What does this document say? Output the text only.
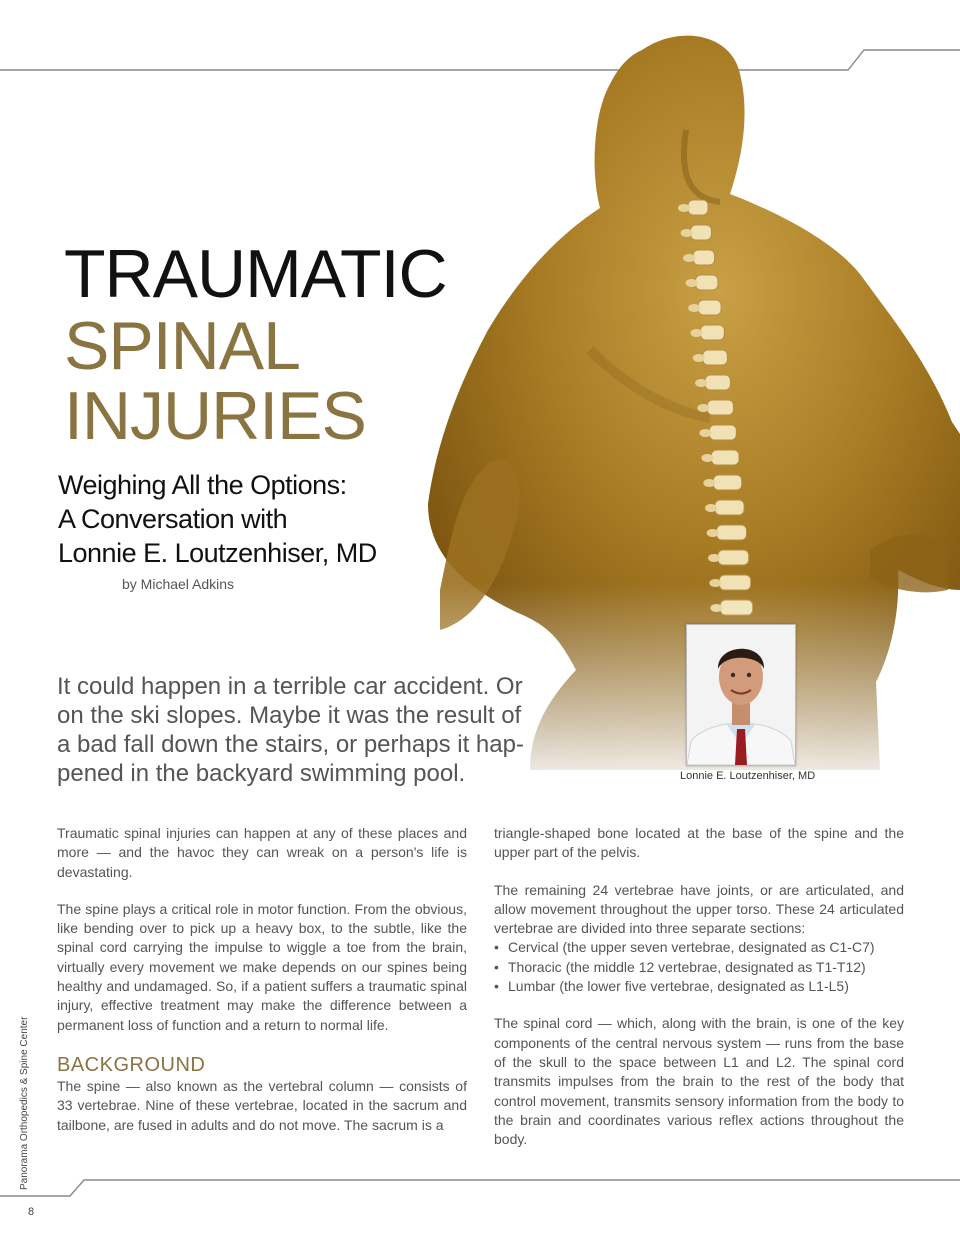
TRAUMATIC
SPINAL
INJURIES
Weighing All the Options:
A Conversation with
Lonnie E. Loutzenhiser, MD
by Michael Adkins
Lonnie E. Loutzenhiser, MD

It could happen in a terrible car accident. Or
on the ski slopes. Maybe it was the result of
a bad fall down the stairs, or perhaps it hap-
pened in the backyard swimming pool.

Traumatic spinal injuries can happen at any of these places and more — and the havoc they can wreak on a person's life is devastating.

The spine plays a critical role in motor function. From the obvious, like bending over to pick up a heavy box, to the subtle, like the spinal cord carrying the impulse to wiggle a toe from the brain, virtually every movement we make depends on our spines being healthy and undamaged. So, if a patient suffers a traumatic spinal injury, effective treatment may make the difference between a permanent loss of function and a return to normal life.

BACKGROUND

The spine — also known as the vertebral column — consists of 33 vertebrae. Nine of these vertebrae, located in the sacrum and tailbone, are fused in adults and do not move. The sacrum is a

triangle-shaped bone located at the base of the spine and the upper part of the pelvis.

The remaining 24 vertebrae have joints, or are articulated, and allow movement throughout the upper torso. These 24 articulated vertebrae are divided into three separate sections:

• Cervical (the upper seven vertebrae, designated as C1-C7)
• Thoracic (the middle 12 vertebrae, designated as T1-T12)
• Lumbar (the lower five vertebrae, designated as L1-L5)

The spinal cord — which, along with the brain, is one of the key components of the central nervous system — runs from the base of the skull to the space between L1 and L2. The spinal cord transmits impulses from the brain to the rest of the body that control movement, transmits sensory information from the body to the brain and coordinates various reflex actions throughout the body.

Panorama Orthopedics & Spine Center
8
